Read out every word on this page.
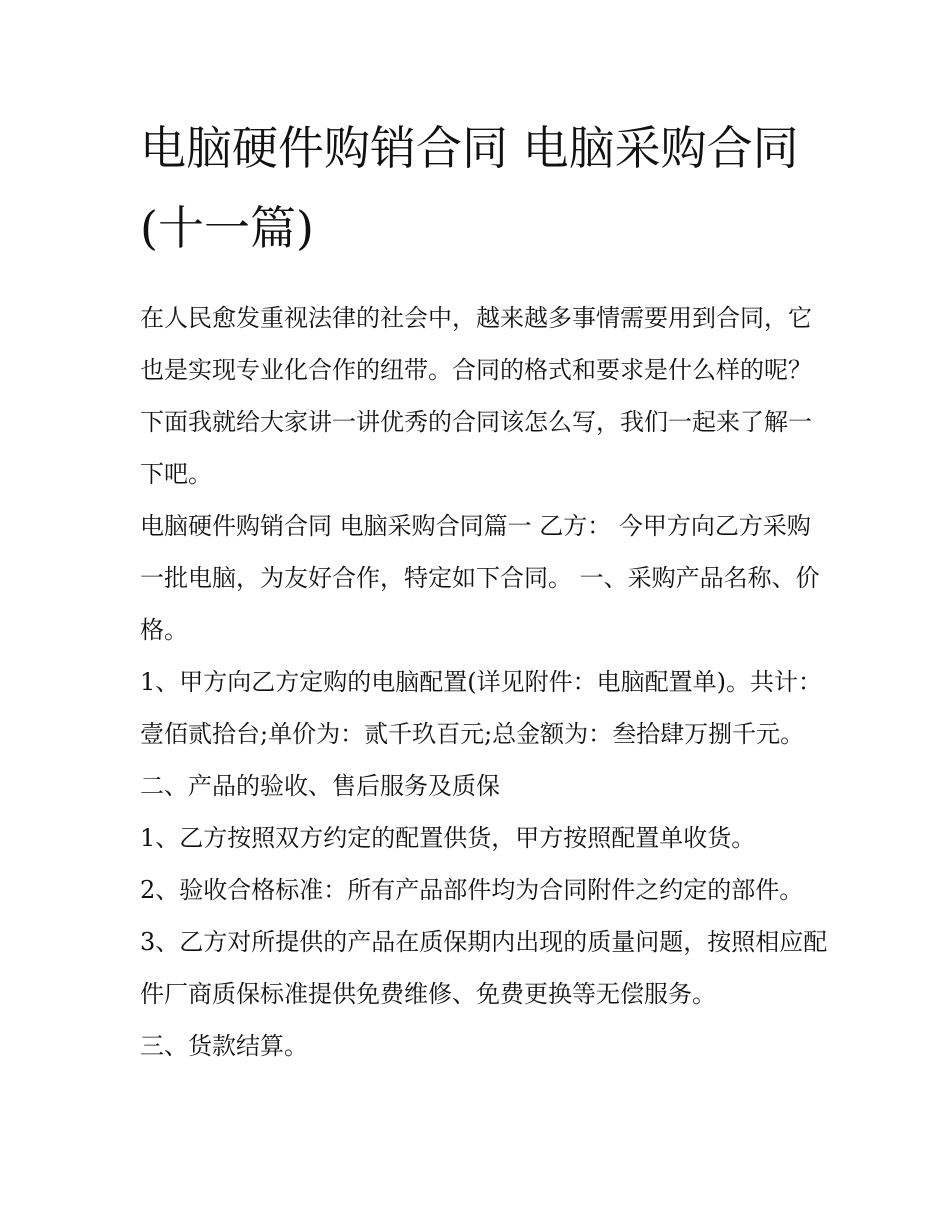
电脑硬件购销合同 电脑采购合同(十一篇)

在人民愈发重视法律的社会中，越来越多事情需要用到合同，它也是实现专业化合作的纽带。合同的格式和要求是什么样的呢？下面我就给大家讲一讲优秀的合同该怎么写，我们一起来了解一下吧。

电脑硬件购销合同 电脑采购合同篇一 乙方： 今甲方向乙方采购一批电脑，为友好合作，特定如下合同。 一、采购产品名称、价格。

1、甲方向乙方定购的电脑配置(详见附件：电脑配置单)。共计：壹佰贰拾台;单价为：贰千玖百元;总金额为：叁拾肆万捌千元。 二、产品的验收、售后服务及质保

1、乙方按照双方约定的配置供货，甲方按照配置单收货。

2、验收合格标准：所有产品部件均为合同附件之约定的部件。

3、乙方对所提供的产品在质保期内出现的质量问题，按照相应配件厂商质保标准提供免费维修、免费更换等无偿服务。

三、货款结算。
